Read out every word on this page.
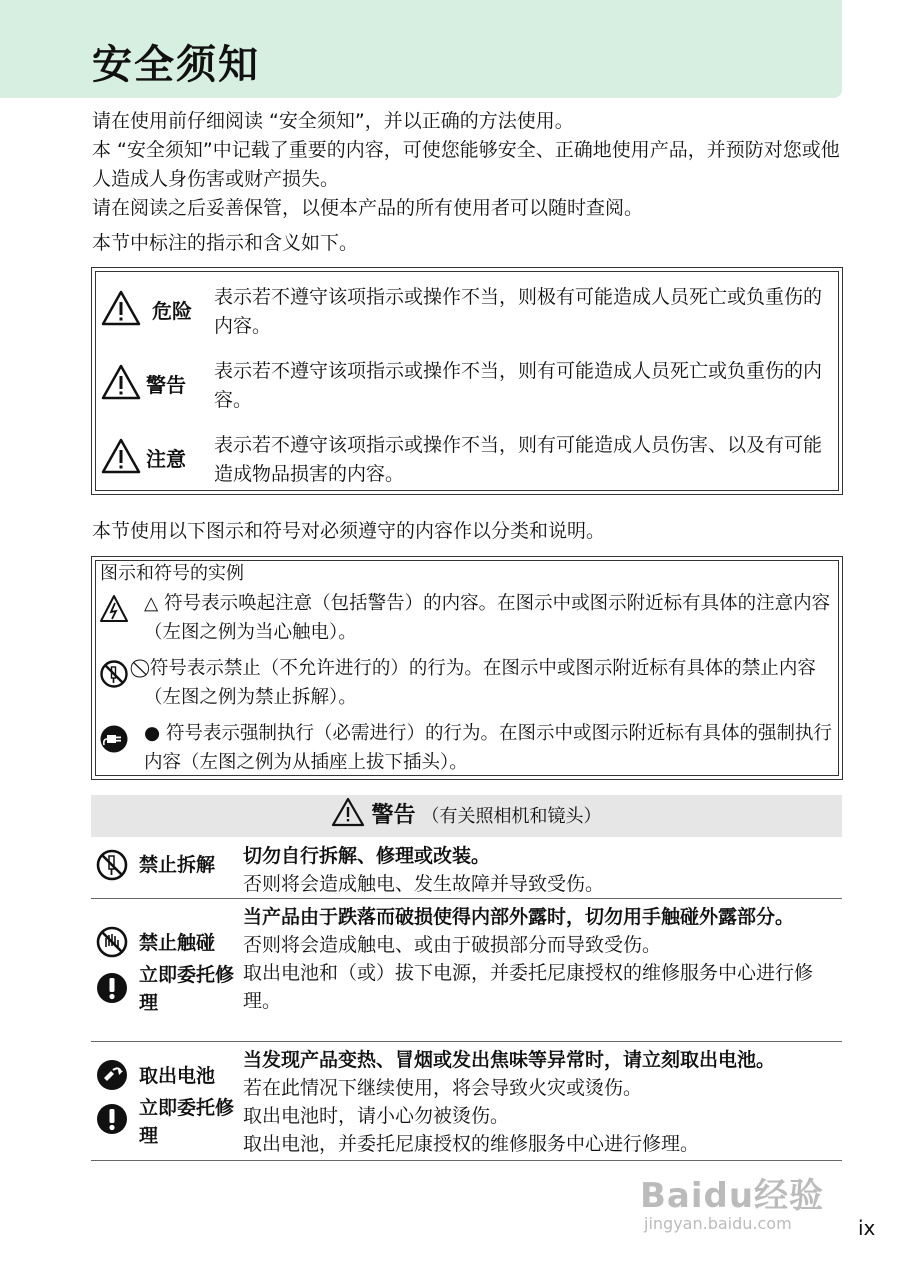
安全须知

请在使用前仔细阅读 “安全须知”，并以正确的方法使用。

本 “安全须知”中记载了重要的内容，可使您能够安全、正确地使用产品，并预防对您或他人造成人身伤害或财产损失。

请在阅读之后妥善保管，以便本产品的所有使用者可以随时查阅。

本节中标注的指示和含义如下。

危险
表示若不遵守该项指示或操作不当，则极有可能造成人员死亡或负重伤的内容。
警告
表示若不遵守该项指示或操作不当，则有可能造成人员死亡或负重伤的内容。
注意
表示若不遵守该项指示或操作不当，则有可能造成人员伤害、以及有可能造成物品损害的内容。

本节使用以下图示和符号对必须遵守的内容作以分类和说明。

图示和符号的实例
△ 符号表示唤起注意（包括警告）的内容。在图示中或图示附近标有具体的注意内容（左图之例为当心触电）。
⃠ 符号表示禁止（不允许进行的）的行为。在图示中或图示附近标有具体的禁止内容（左图之例为禁止拆解）。
● 符号表示强制执行（必需进行）的行为。在图示中或图示附近标有具体的强制执行内容（左图之例为从插座上拔下插头）。
警告 （有关照相机和镜头）
禁止拆解 切勿自行拆解、修理或改装。

否则将会造成触电、发生故障并导致受伤。

禁止触碰
立即委托修理

当产品由于跌落而破损使得内部外露时，切勿用手触碰外露部分。

否则将会造成触电、或由于破损部分而导致受伤。

取出电池和（或）拔下电源，并委托尼康授权的维修服务中心进行修理。

取出电池
立即委托修理

当发现产品变热、冒烟或发出焦味等异常时，请立刻取出电池。

若在此情况下继续使用，将会导致火灾或烫伤。

取出电池时，请小心勿被烫伤。

取出电池，并委托尼康授权的维修服务中心进行修理。

Baidu经验
jingyan.baidu.com	ix
